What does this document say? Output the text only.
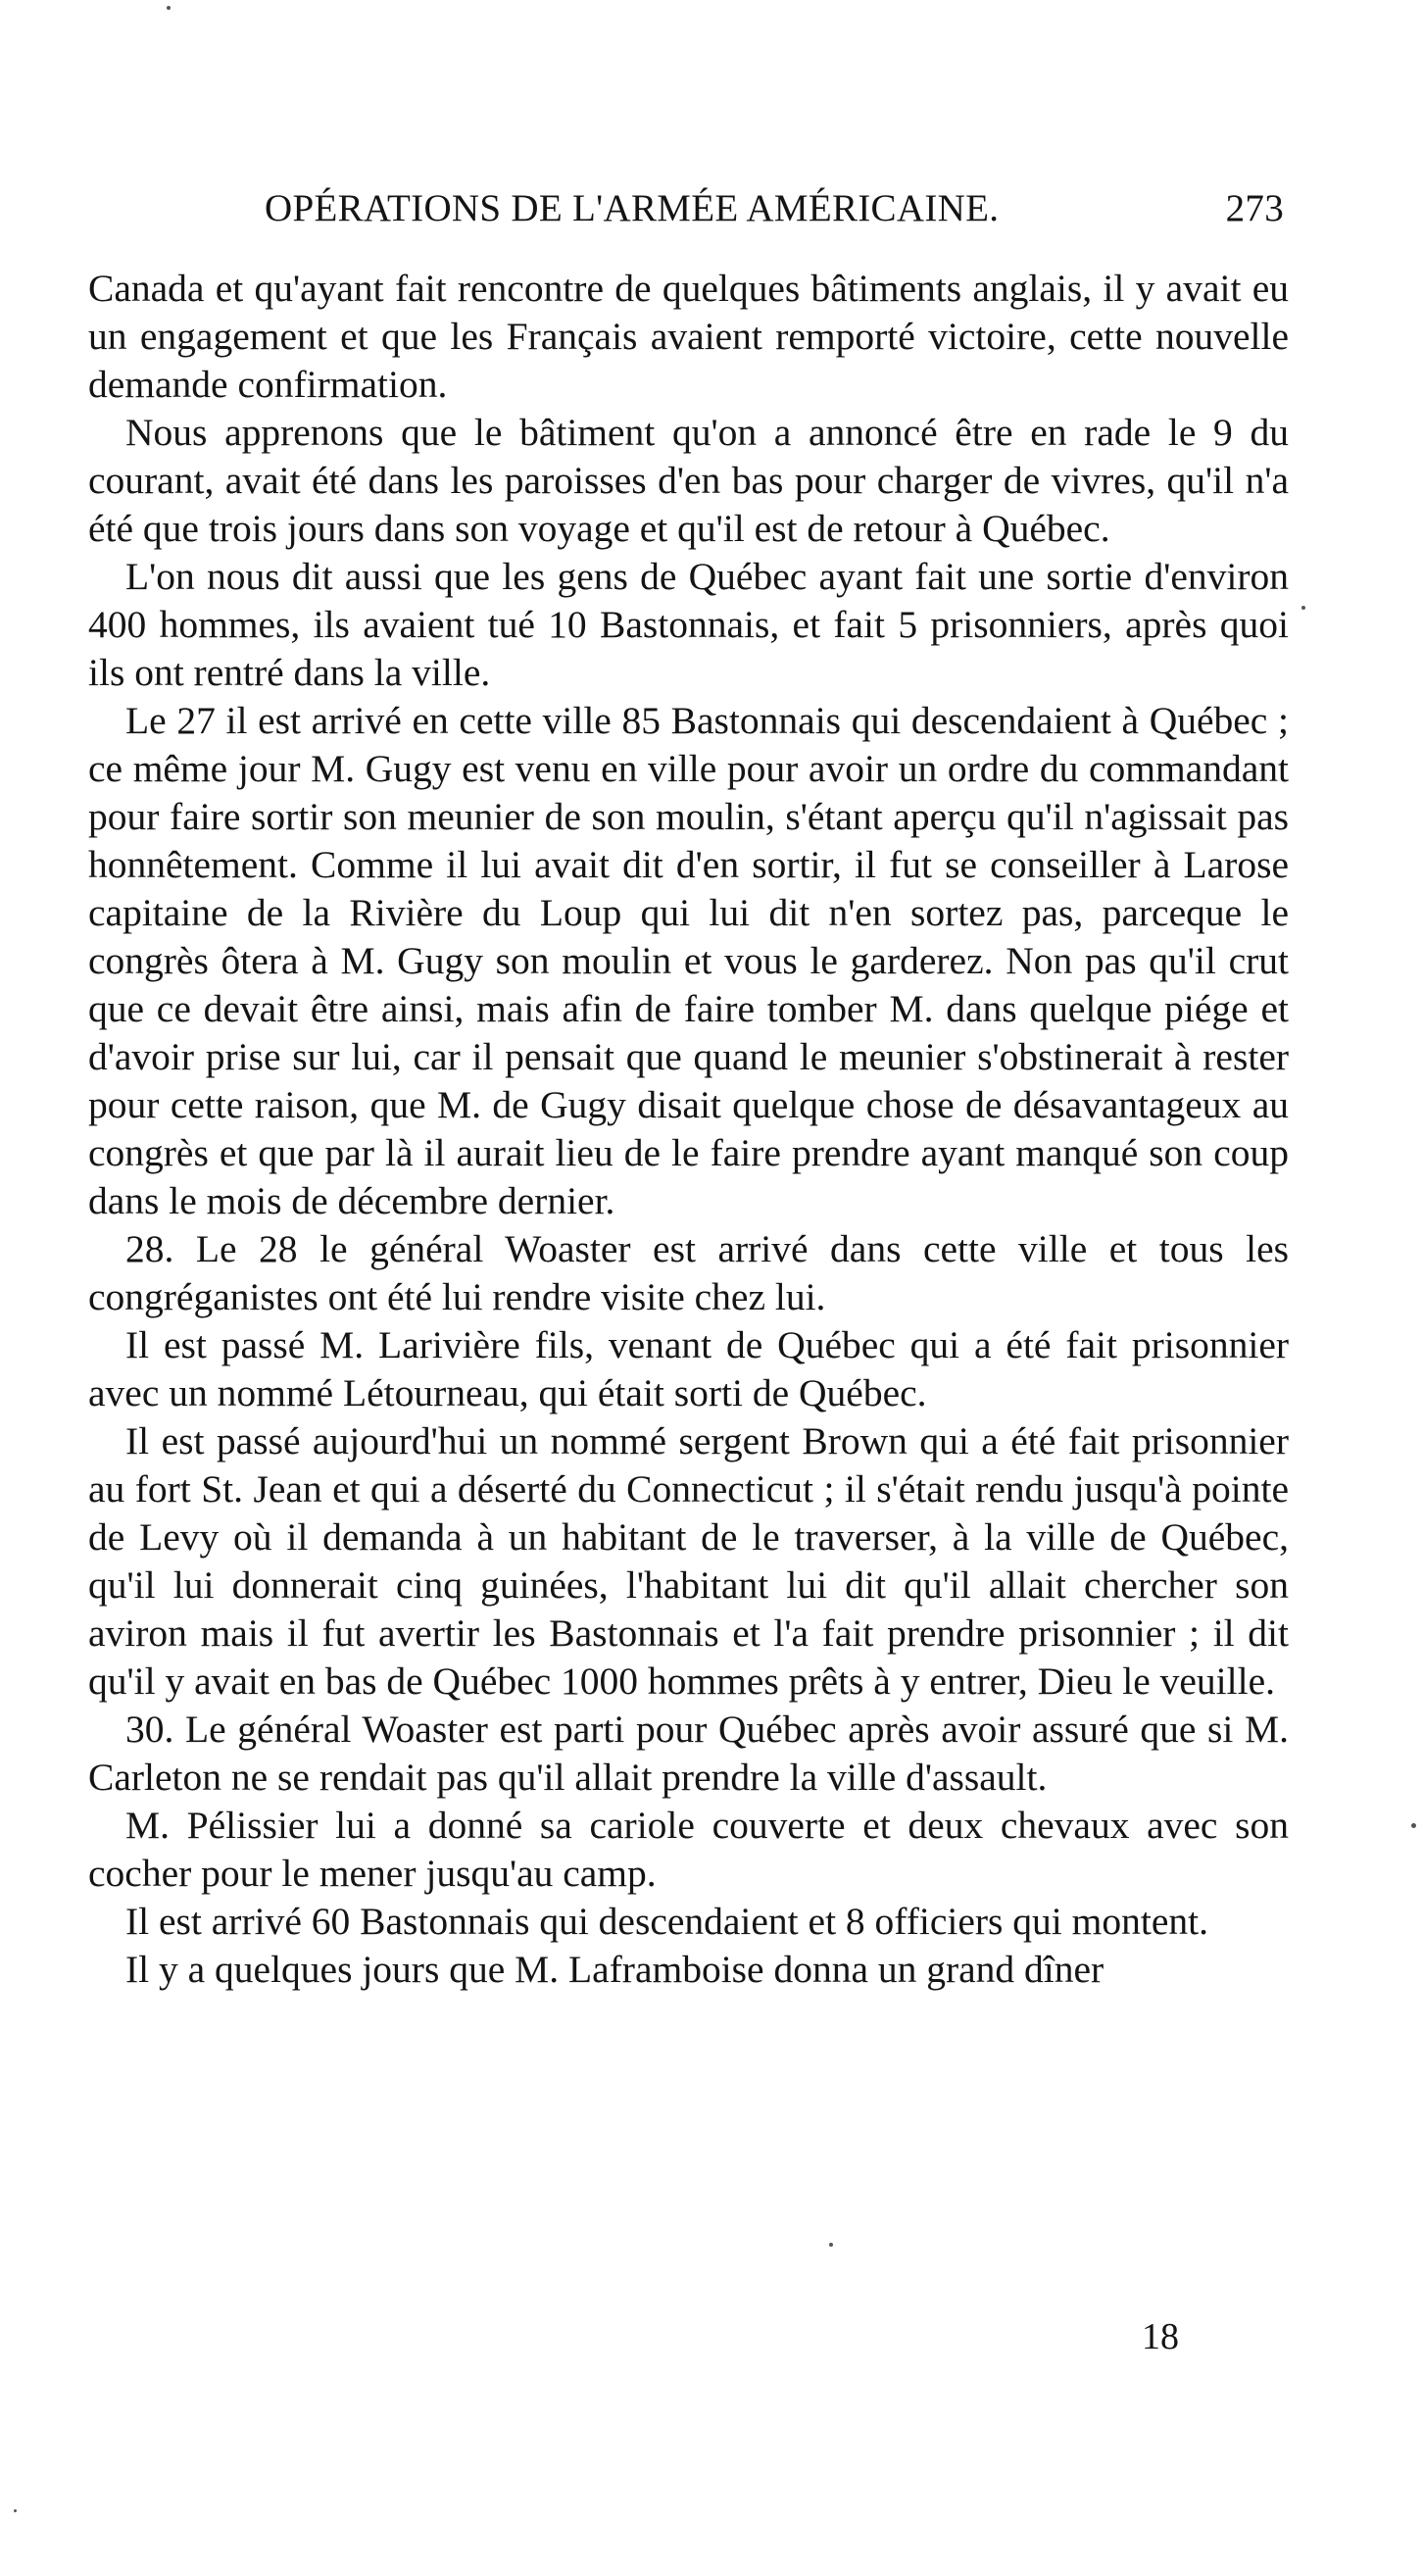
OPÉRATIONS DE L'ARMÉE AMÉRICAINE.	273

Canada et qu'ayant fait rencontre de quelques bâtiments anglais, il y avait eu un engagement et que les Français avaient remporté victoire, cette nouvelle demande confirmation.

Nous apprenons que le bâtiment qu'on a annoncé être en rade le 9 du courant, avait été dans les paroisses d'en bas pour charger de vivres, qu'il n'a été que trois jours dans son voyage et qu'il est de retour à Québec.

L'on nous dit aussi que les gens de Québec ayant fait une sortie d'environ 400 hommes, ils avaient tué 10 Bastonnais, et fait 5 prisonniers, après quoi ils ont rentré dans la ville.

Le 27 il est arrivé en cette ville 85 Bastonnais qui descendaient à Québec ; ce même jour M. Gugy est venu en ville pour avoir un ordre du commandant pour faire sortir son meunier de son moulin, s'étant aperçu qu'il n'agissait pas honnêtement. Comme il lui avait dit d'en sortir, il fut se conseiller à Larose capitaine de la Rivière du Loup qui lui dit n'en sortez pas, parceque le congrès ôtera à M. Gugy son moulin et vous le garderez. Non pas qu'il crut que ce devait être ainsi, mais afin de faire tomber M. dans quelque piége et d'avoir prise sur lui, car il pensait que quand le meunier s'obstinerait à rester pour cette raison, que M. de Gugy disait quelque chose de désavantageux au congrès et que par là il aurait lieu de le faire prendre ayant manqué son coup dans le mois de décembre dernier.

28. Le 28 le général Woaster est arrivé dans cette ville et tous les congréganistes ont été lui rendre visite chez lui.

Il est passé M. Larivière fils, venant de Québec qui a été fait prisonnier avec un nommé Létourneau, qui était sorti de Québec.

Il est passé aujourd'hui un nommé sergent Brown qui a été fait prisonnier au fort St. Jean et qui a déserté du Connecticut ; il s'était rendu jusqu'à pointe de Levy où il demanda à un habitant de le traverser, à la ville de Québec, qu'il lui donnerait cinq guinées, l'habitant lui dit qu'il allait chercher son aviron mais il fut avertir les Bastonnais et l'a fait prendre prisonnier ; il dit qu'il y avait en bas de Québec 1000 hommes prêts à y entrer, Dieu le veuille.

30. Le général Woaster est parti pour Québec après avoir assuré que si M. Carleton ne se rendait pas qu'il allait prendre la ville d'assault.

M. Pélissier lui a donné sa cariole couverte et deux chevaux avec son cocher pour le mener jusqu'au camp.

Il est arrivé 60 Bastonnais qui descendaient et 8 officiers qui montent.

Il y a quelques jours que M. Laframboise donna un grand dîner

18
